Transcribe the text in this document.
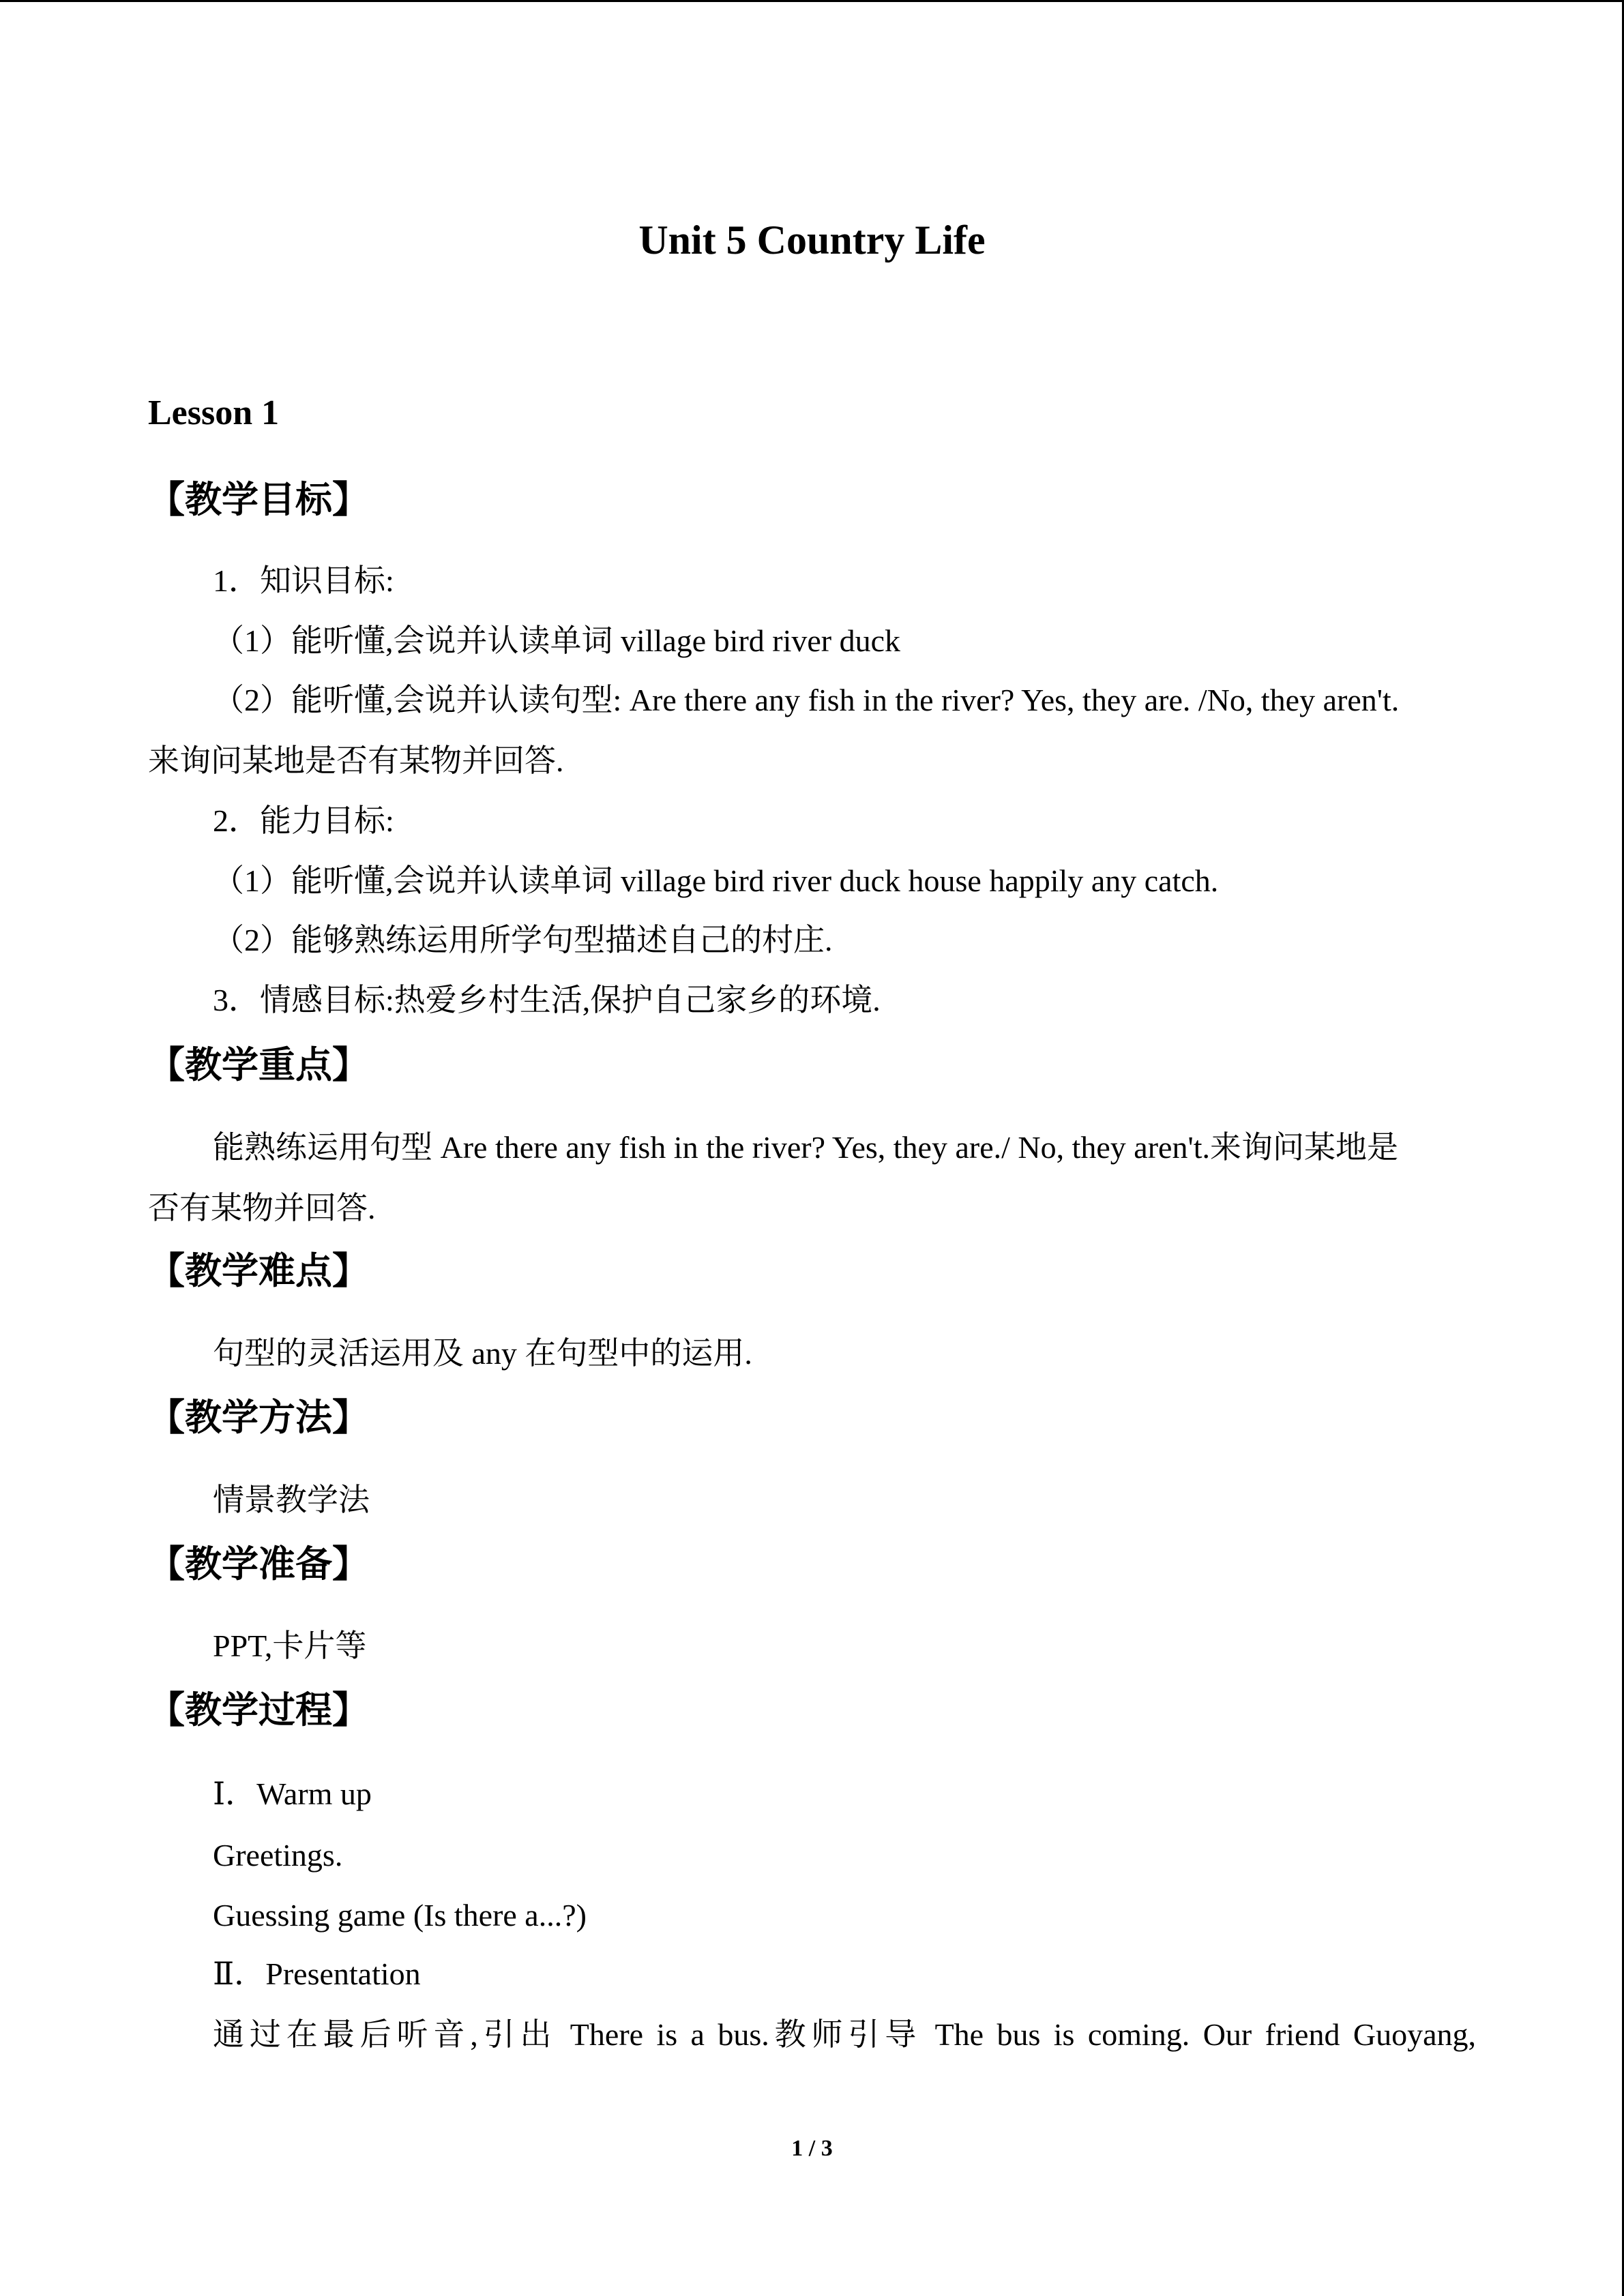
Unit 5 Country Life
Lesson 1
【教学目标】
1．知识目标:
（1）能听懂,会说并认读单词 village bird river duck
（2）能听懂,会说并认读句型: Are there any fish in the river? Yes, they are. /No, they aren't.
来询问某地是否有某物并回答.
2．能力目标:
（1）能听懂,会说并认读单词 village bird river duck house happily any catch.
（2）能够熟练运用所学句型描述自己的村庄.
3．情感目标:热爱乡村生活,保护自己家乡的环境.
【教学重点】
能熟练运用句型 Are there any fish in the river? Yes, they are./ No, they aren't.来询问某地是
否有某物并回答.
【教学难点】
句型的灵活运用及 any 在句型中的运用.
【教学方法】
情景教学法
【教学准备】
PPT,卡片等
【教学过程】
Ⅰ．Warm up
Greetings.
Guessing game (Is there a...?)
Ⅱ．Presentation
通过在最后听音,引出 There is a bus.教师引导 The bus is coming. Our friend Guoyang,
1 / 3
